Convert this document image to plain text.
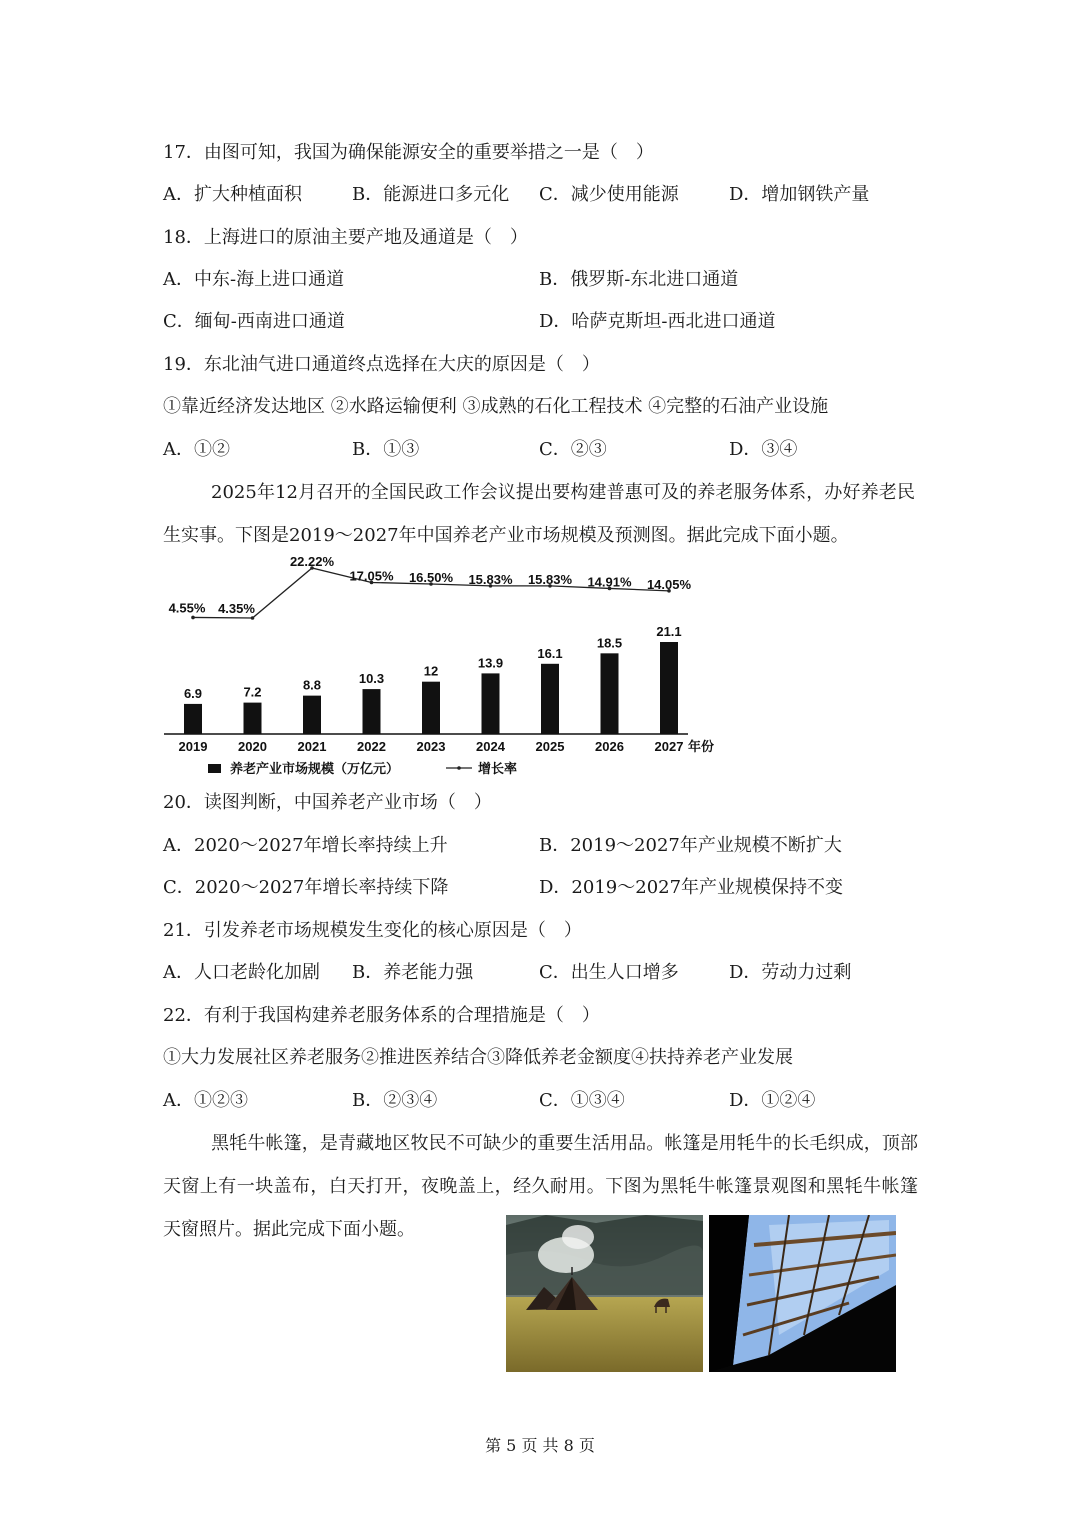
17．由图可知，我国为确保能源安全的重要举措之一是（　）
A．扩大种植面积	B．能源进口多元化 C．减少使用能源	D．增加钢铁产量
18．上海进口的原油主要产地及通道是（　）
A．中东-海上进口通道	B．俄罗斯-东北进口通道
C．缅甸-西南进口通道	D．哈萨克斯坦-西北进口通道
19．东北油气进口通道终点选择在大庆的原因是（　）
①靠近经济发达地区 ②水路运输便利 ③成熟的石化工程技术 ④完整的石油产业设施
A．①②	B．①③	C．②③	D．③④
2025年12月召开的全国民政工作会议提出要构建普惠可及的养老服务体系，办好养老民生实事。下图是2019～2027年中国养老产业市场规模及预测图。据此完成下面小题。
6.9
2019
7.2
2020
8.8
2021
10.3
2022
12
2023
13.9
2024
16.1
2025
18.5
2026
21.1
2027 年份
4.55% 4.35%
22.22%
17.05% 16.50% 15.83% 15.83% 14.91% 14.05%
养老产业市场规模（万亿元）	增长率
20．读图判断，中国养老产业市场（　）
A．2020～2027年增长率持续上升	B．2019～2027年产业规模不断扩大
C．2020～2027年增长率持续下降	D．2019～2027年产业规模保持不变
21．引发养老市场规模发生变化的核心原因是（　）
A．人口老龄化加剧 B．养老能力强	C．出生人口增多	D．劳动力过剩
22．有利于我国构建养老服务体系的合理措施是（　）
①大力发展社区养老服务②推进医养结合③降低养老金额度④扶持养老产业发展
A．①②③	B．②③④	C．①③④	D．①②④
黑牦牛帐篷，是青藏地区牧民不可缺少的重要生活用品。帐篷是用牦牛的长毛织成，顶部天窗上有一块盖布，白天打开，夜晚盖上，经久耐用。下图为黑牦牛帐篷景观图和黑牦牛帐篷天窗照片。据此完成下面小题。
第 5 页 共 8 页
